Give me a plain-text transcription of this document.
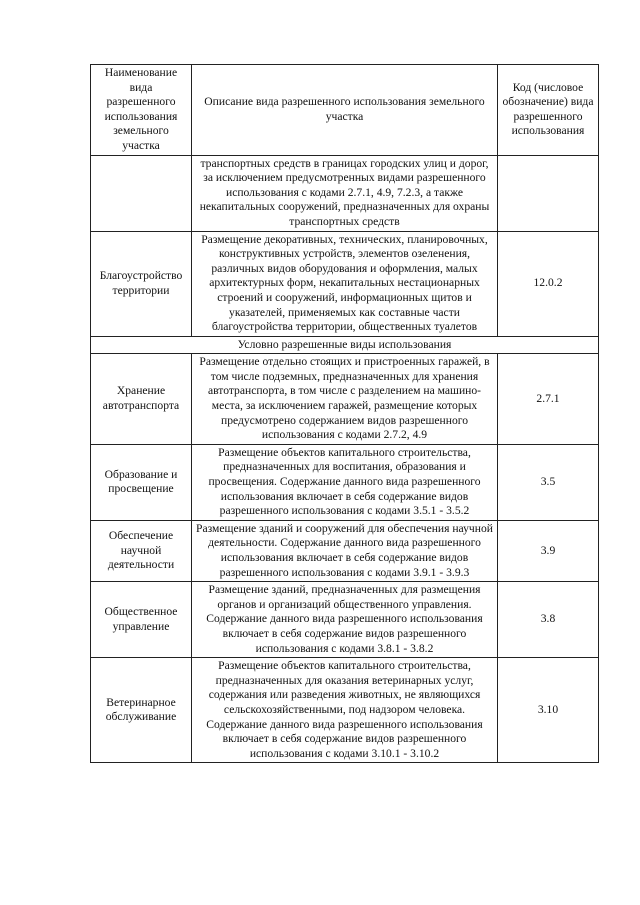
Наименование вида разрешенного использования земельного участка	Описание вида разрешенного использования земельного участка	Код (числовое обозначение) вида разрешенного использования
	транспортных средств в границах городских улиц и дорог, за исключением предусмотренных видами разрешенного использования с кодами 2.7.1, 4.9, 7.2.3, а также некапитальных сооружений, предназначенных для охраны транспортных средств	
Благоустройство территории	Размещение декоративных, технических, планировочных, конструктивных устройств, элементов озеленения, различных видов оборудования и оформления, малых архитектурных форм, некапитальных нестационарных строений и сооружений, информационных щитов и указателей, применяемых как составные части благоустройства территории, общественных туалетов	12.0.2
Условно разрешенные виды использования		
Хранение автотранспорта	Размещение отдельно стоящих и пристроенных гаражей, в том числе подземных, предназначенных для хранения автотранспорта, в том числе с разделением на машино-места, за исключением гаражей, размещение которых предусмотрено содержанием видов разрешенного использования с кодами 2.7.2, 4.9	2.7.1
Образование и просвещение	Размещение объектов капитального строительства, предназначенных для воспитания, образования и просвещения. Содержание данного вида разрешенного использования включает в себя содержание видов разрешенного использования с кодами 3.5.1 - 3.5.2	3.5
Обеспечение научной деятельности	Размещение зданий и сооружений для обеспечения научной деятельности. Содержание данного вида разрешенного использования включает в себя содержание видов разрешенного использования с кодами 3.9.1 - 3.9.3	3.9
Общественное управление	Размещение зданий, предназначенных для размещения органов и организаций общественного управления. Содержание данного вида разрешенного использования включает в себя содержание видов разрешенного использования с кодами 3.8.1 - 3.8.2	3.8
Ветеринарное обслуживание	Размещение объектов капитального строительства, предназначенных для оказания ветеринарных услуг, содержания или разведения животных, не являющихся сельскохозяйственными, под надзором человека. Содержание данного вида разрешенного использования включает в себя содержание видов разрешенного использования с кодами 3.10.1 - 3.10.2	3.10
